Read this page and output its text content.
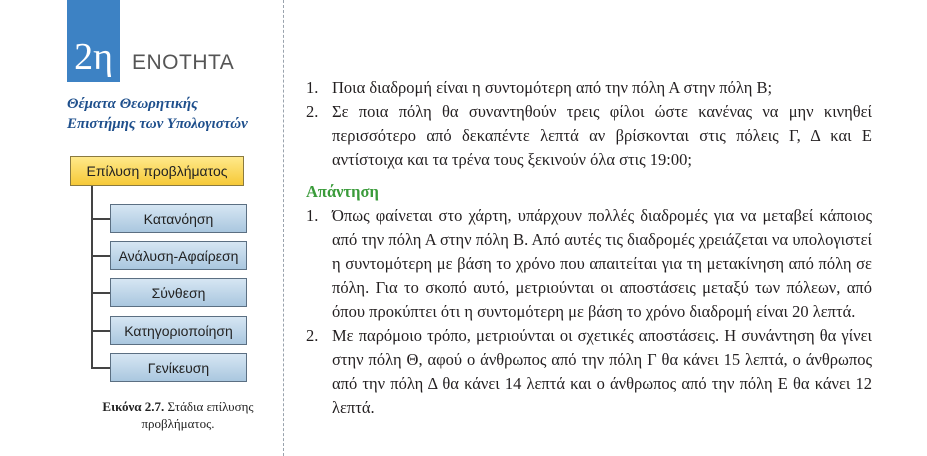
2η ΕΝΟΤΗΤΑ
Θέματα Θεωρητικής
Επιστήμης των Υπολογιστών
Επίλυση προβλήματος
Κατανόηση
Ανάλυση-Αφαίρεση
Σύνθεση
Κατηγοριοποίηση
Γενίκευση
Εικόνα 2.7. Στάδια επίλυσης προβλήματος.
1. Ποια διαδρομή είναι η συντομότερη από την πόλη Α στην πόλη Β;
2. Σε ποια πόλη θα συναντηθούν τρεις φίλοι ώστε κανένας να μην κινηθεί περισσότερο από δεκαπέντε λεπτά αν βρίσκονται στις πόλεις Γ, Δ και Ε αντίστοιχα και τα τρένα τους ξεκινούν όλα στις 19:00;
Απάντηση
1. Όπως φαίνεται στο χάρτη, υπάρχουν πολλές διαδρομές για να μεταβεί κάποιος από την πόλη Α στην πόλη Β. Από αυτές τις διαδρομές χρειάζεται να υπολογιστεί η συντομότερη με βάση το χρόνο που απαιτείται για τη μετακίνηση από πόλη σε πόλη. Για το σκοπό αυτό, μετριούνται οι αποστάσεις μεταξύ των πόλεων, από όπου προκύπτει ότι η συντομότερη με βάση το χρόνο διαδρομή είναι 20 λεπτά.
2. Με παρόμοιο τρόπο, μετριούνται οι σχετικές αποστάσεις. Η συνάντηση θα γίνει στην πόλη Θ, αφού ο άνθρωπος από την πόλη Γ θα κάνει 15 λεπτά, ο άνθρωπος από την πόλη Δ θα κάνει 14 λεπτά και ο άνθρωπος από την πόλη Ε θα κάνει 12 λεπτά.
